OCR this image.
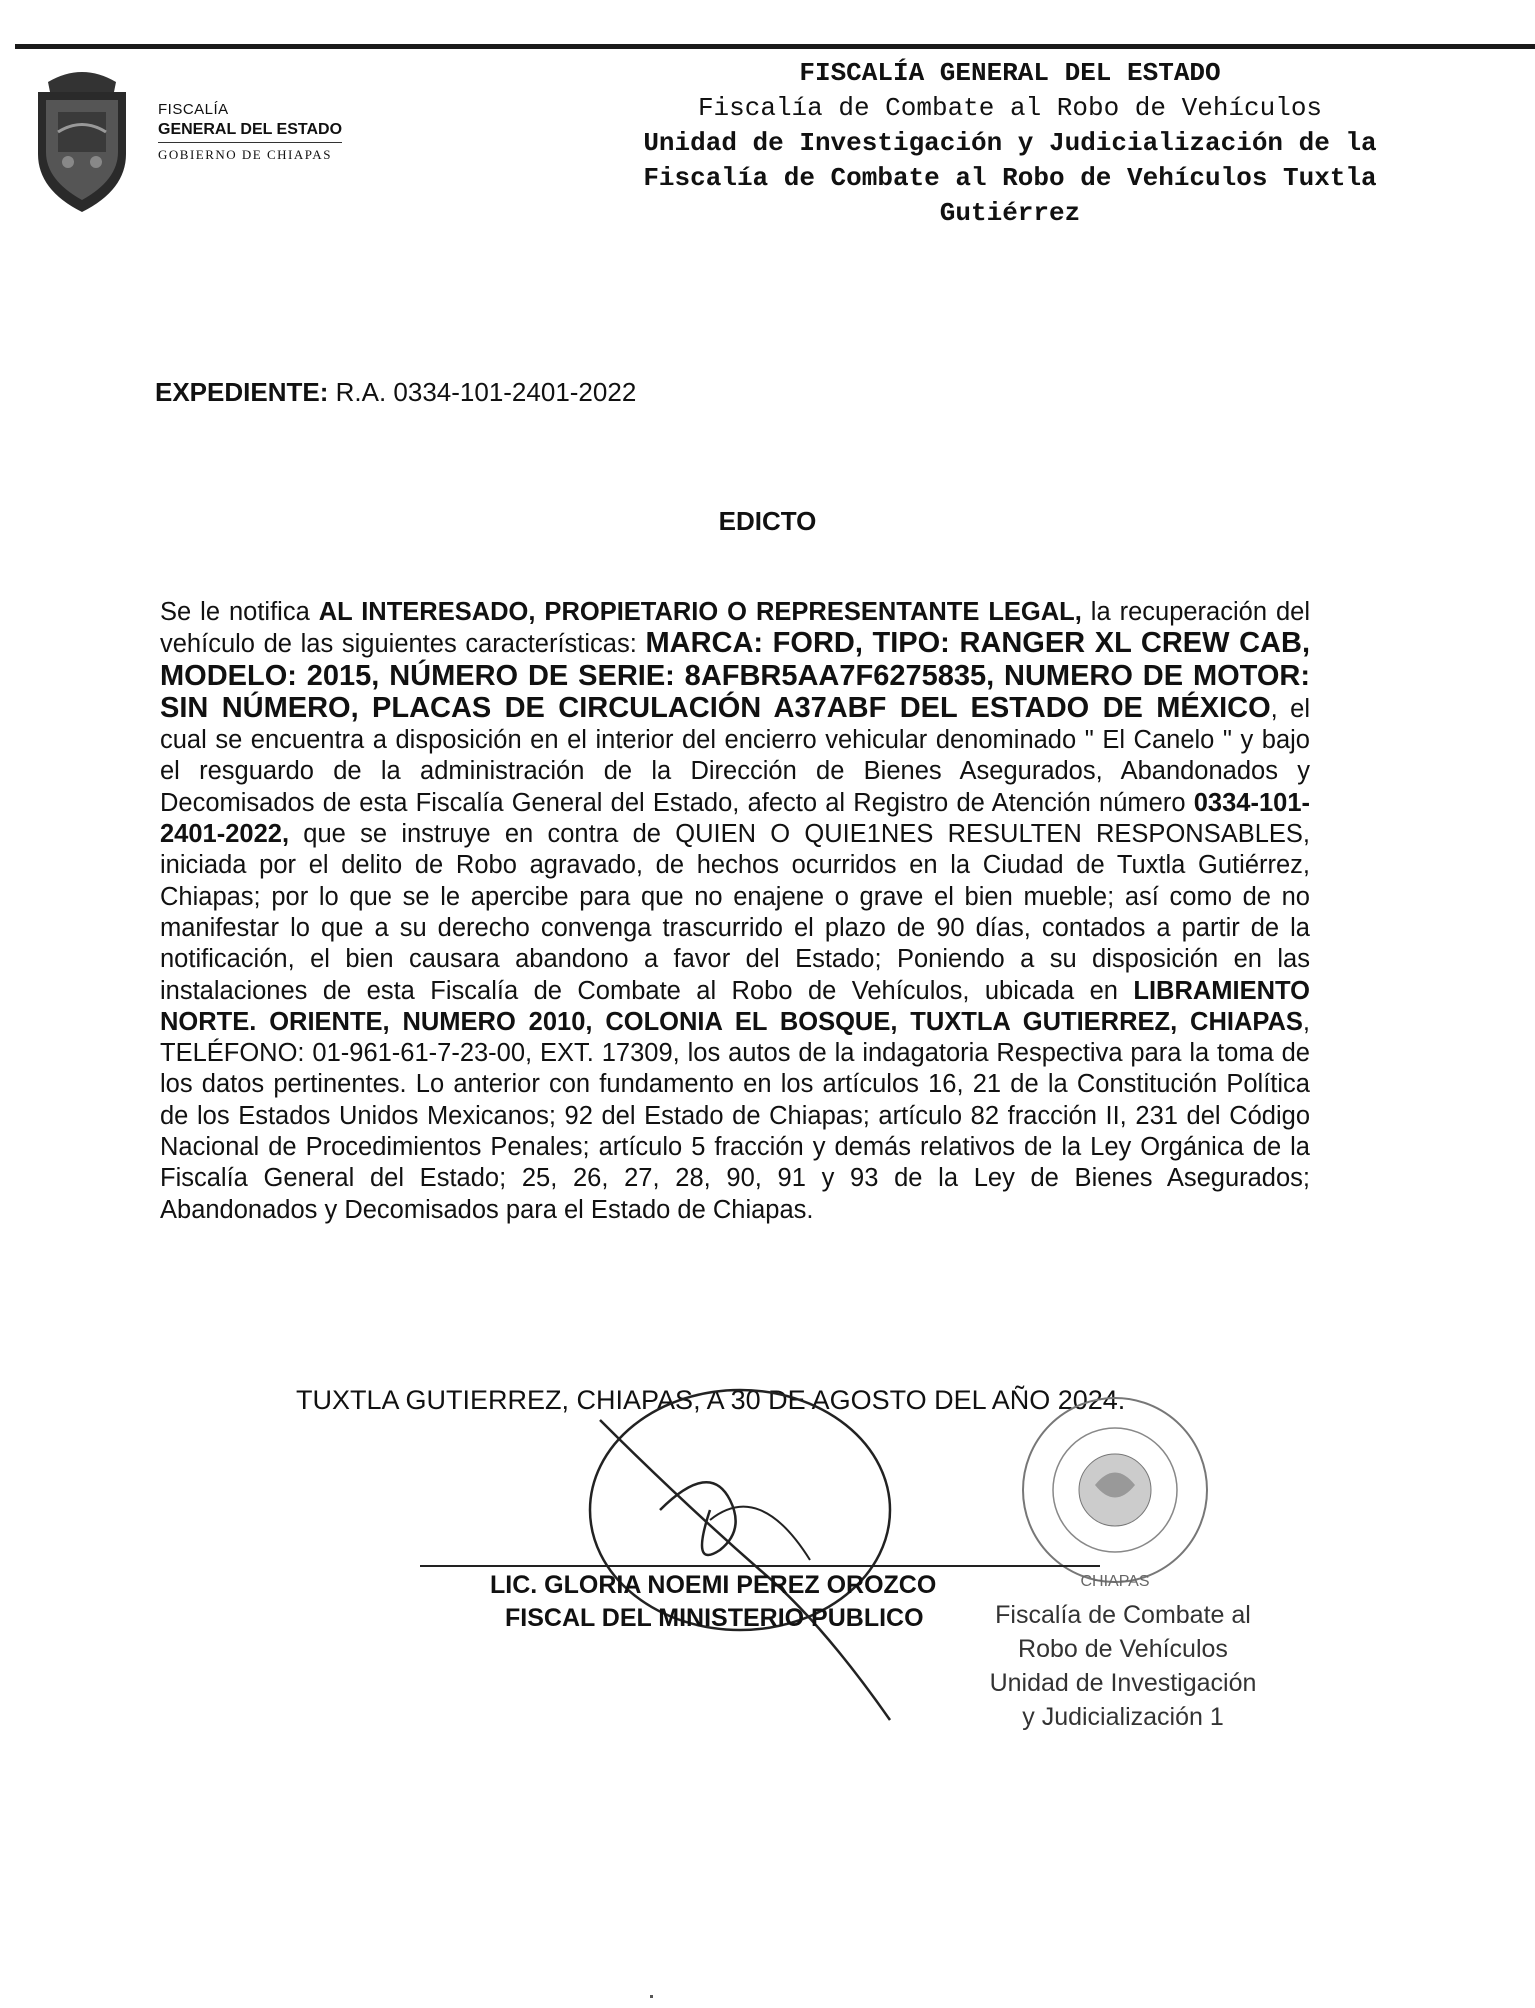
FISCALÍA
GENERAL DEL ESTADO
GOBIERNO DE CHIAPAS
FISCALÍA GENERAL DEL ESTADO
Fiscalía de Combate al Robo de Vehículos
Unidad de Investigación y Judicialización de la
Fiscalía de Combate al Robo de Vehículos Tuxtla
Gutiérrez
EXPEDIENTE: R.A. 0334-101-2401-2022
EDICTO
Se le notifica AL INTERESADO, PROPIETARIO O REPRESENTANTE LEGAL, la recuperación del vehículo de las siguientes características: MARCA: FORD, TIPO: RANGER XL CREW CAB, MODELO: 2015, NÚMERO DE SERIE: 8AFBR5AA7F6275835, NUMERO DE MOTOR: SIN NÚMERO, PLACAS DE CIRCULACIÓN A37ABF DEL ESTADO DE MÉXICO, el cual se encuentra a disposición en el interior del encierro vehicular denominado " El Canelo " y bajo el resguardo de la administración de la Dirección de Bienes Asegurados, Abandonados y Decomisados de esta Fiscalía General del Estado, afecto al Registro de Atención número 0334-101-2401-2022, que se instruye en contra de QUIEN O QUIE1NES RESULTEN RESPONSABLES, iniciada por el delito de Robo agravado, de hechos ocurridos en la Ciudad de Tuxtla Gutiérrez, Chiapas; por lo que se le apercibe para que no enajene o grave el bien mueble; así como de no manifestar lo que a su derecho convenga trascurrido el plazo de 90 días, contados a partir de la notificación, el bien causara abandono a favor del Estado; Poniendo a su disposición en las instalaciones de esta Fiscalía de Combate al Robo de Vehículos, ubicada en LIBRAMIENTO NORTE. ORIENTE, NUMERO 2010, COLONIA EL BOSQUE, TUXTLA GUTIERREZ, CHIAPAS, TELÉFONO: 01-961-61-7-23-00, EXT. 17309, los autos de la indagatoria Respectiva para la toma de los datos pertinentes. Lo anterior con fundamento en los artículos 16, 21 de la Constitución Política de los Estados Unidos Mexicanos; 92 del Estado de Chiapas; artículo 82 fracción II, 231 del Código Nacional de Procedimientos Penales; artículo 5 fracción y demás relativos de la Ley Orgánica de la Fiscalía General del Estado; 25, 26, 27, 28, 90, 91 y 93 de la Ley de Bienes Asegurados; Abandonados y Decomisados para el Estado de Chiapas.
TUXTLA GUTIERREZ, CHIAPAS, A 30 DE AGOSTO DEL AÑO 2024.
CHIAPAS
LIC. GLORIA NOEMI PEREZ OROZCO
FISCAL DEL MINISTERIO PUBLICO	Fiscalía de Combate al
Robo de Vehículos
Unidad de Investigación
y Judicialización 1
